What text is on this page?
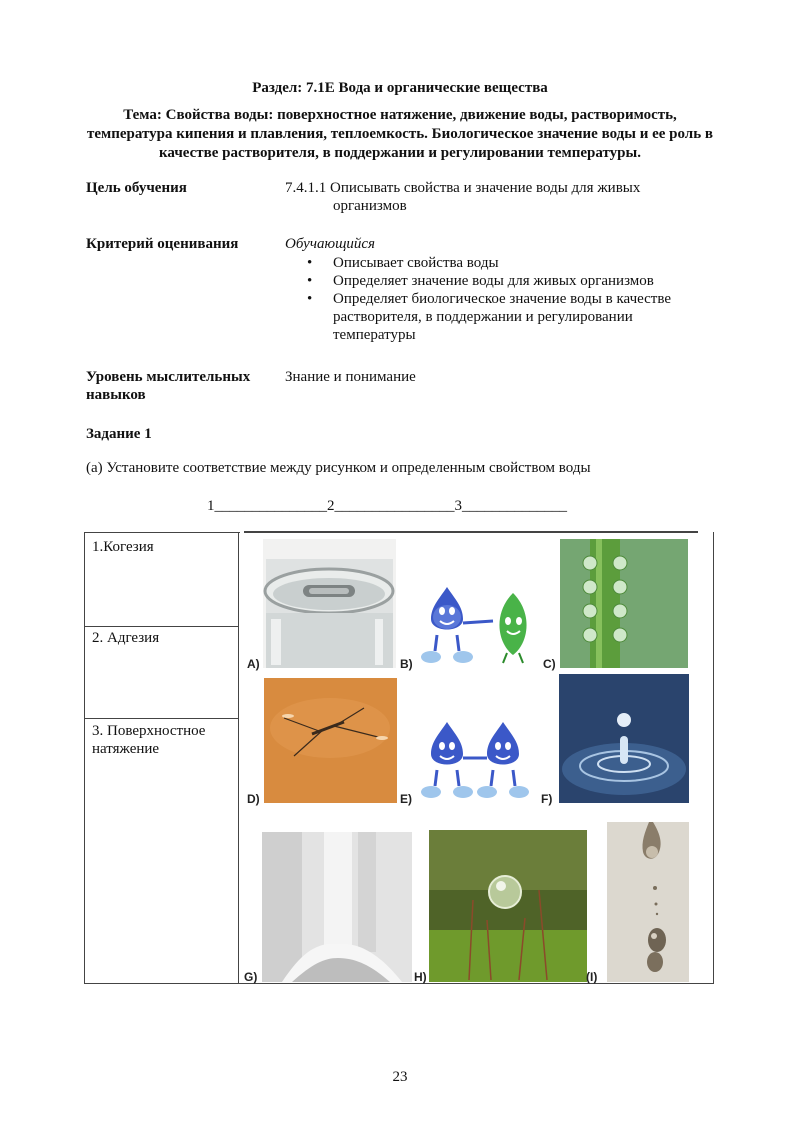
Раздел: 7.1E Вода и органические вещества
Тема: Свойства воды: поверхностное натяжение, движение воды, растворимость, температура кипения и плавления, теплоемкость. Биологическое значение воды и ее роль в качестве растворителя, в поддержании и регулировании температуры.
Цель обучения	7.4.1.1 Описывать свойства и значение воды для живых
организмов
Критерий оценивания	Обучающийся
• Описывает свойства воды
• Определяет значение воды для живых организмов
• Определяет биологическое значение воды в качестве растворителя, в поддержании и регулировании температуры
Уровень мыслительных
навыков
Знание и понимание
Задание 1
(a) Установите соответствие между рисунком и определенным свойством воды
1_______________2________________3______________
1.Когезия
2. Адгезия
3. Поверхностное натяжение
A)	B)	C)
D)	E)	F)
G)	H)	(I)
23
